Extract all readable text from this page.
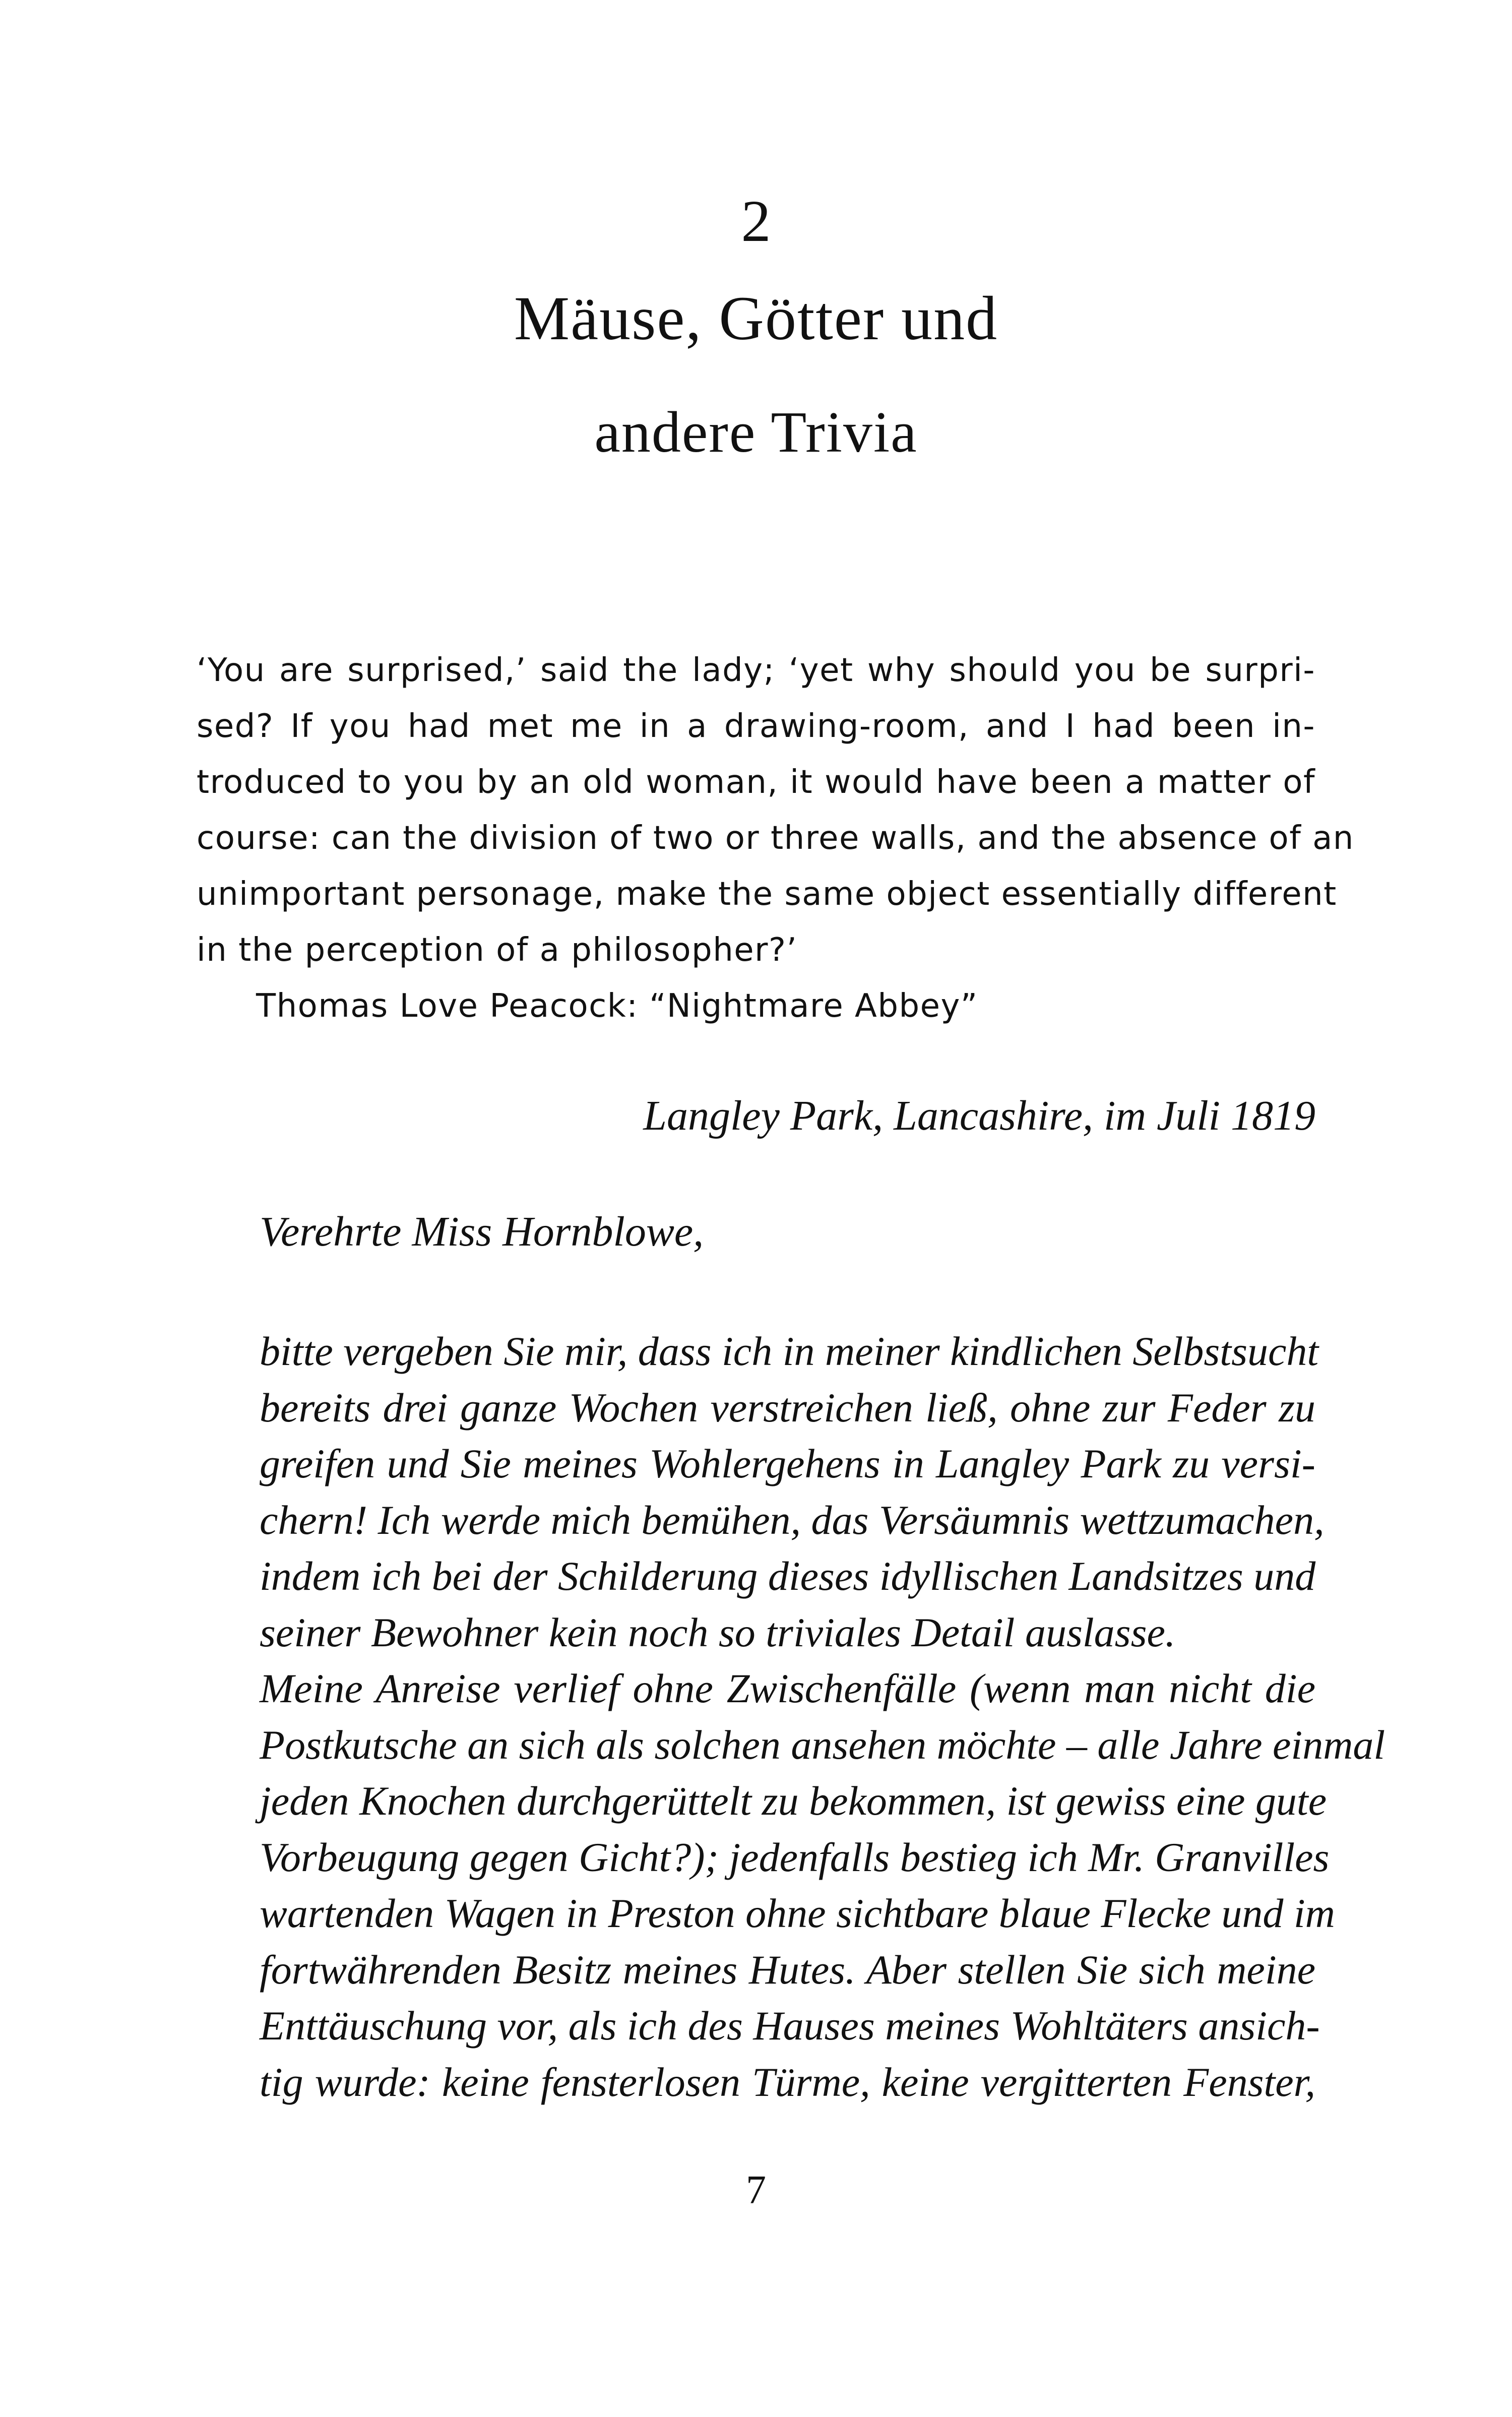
2
Mäuse, Götter und
andere Trivia
‘You are surprised,’ said the lady; ‘yet why should you be surpri-
sed? If you had met me in a drawing-room, and I had been in-
troduced to you by an old woman, it would have been a matter of
course: can the division of two or three walls, and the absence of an
unimportant personage, make the same object essentially different
in the perception of a philosopher?’
Thomas Love Peacock: “Nightmare Abbey”
Langley Park, Lancashire, im Juli 1819
Verehrte Miss Hornblowe,
bitte vergeben Sie mir, dass ich in meiner kindlichen Selbstsucht
bereits drei ganze Wochen verstreichen ließ, ohne zur Feder zu
greifen und Sie meines Wohlergehens in Langley Park zu versi-
chern! Ich werde mich bemühen, das Versäumnis wettzumachen,
indem ich bei der Schilderung dieses idyllischen Landsitzes und
seiner Bewohner kein noch so triviales Detail auslasse.
Meine Anreise verlief ohne Zwischenfälle (wenn man nicht die
Postkutsche an sich als solchen ansehen möchte – alle Jahre einmal
jeden Knochen durchgerüttelt zu bekommen, ist gewiss eine gute
Vorbeugung gegen Gicht?); jedenfalls bestieg ich Mr. Granvilles
wartenden Wagen in Preston ohne sichtbare blaue Flecke und im
fortwährenden Besitz meines Hutes. Aber stellen Sie sich meine
Enttäuschung vor, als ich des Hauses meines Wohltäters ansich-
tig wurde: keine fensterlosen Türme, keine vergitterten Fenster,
7
